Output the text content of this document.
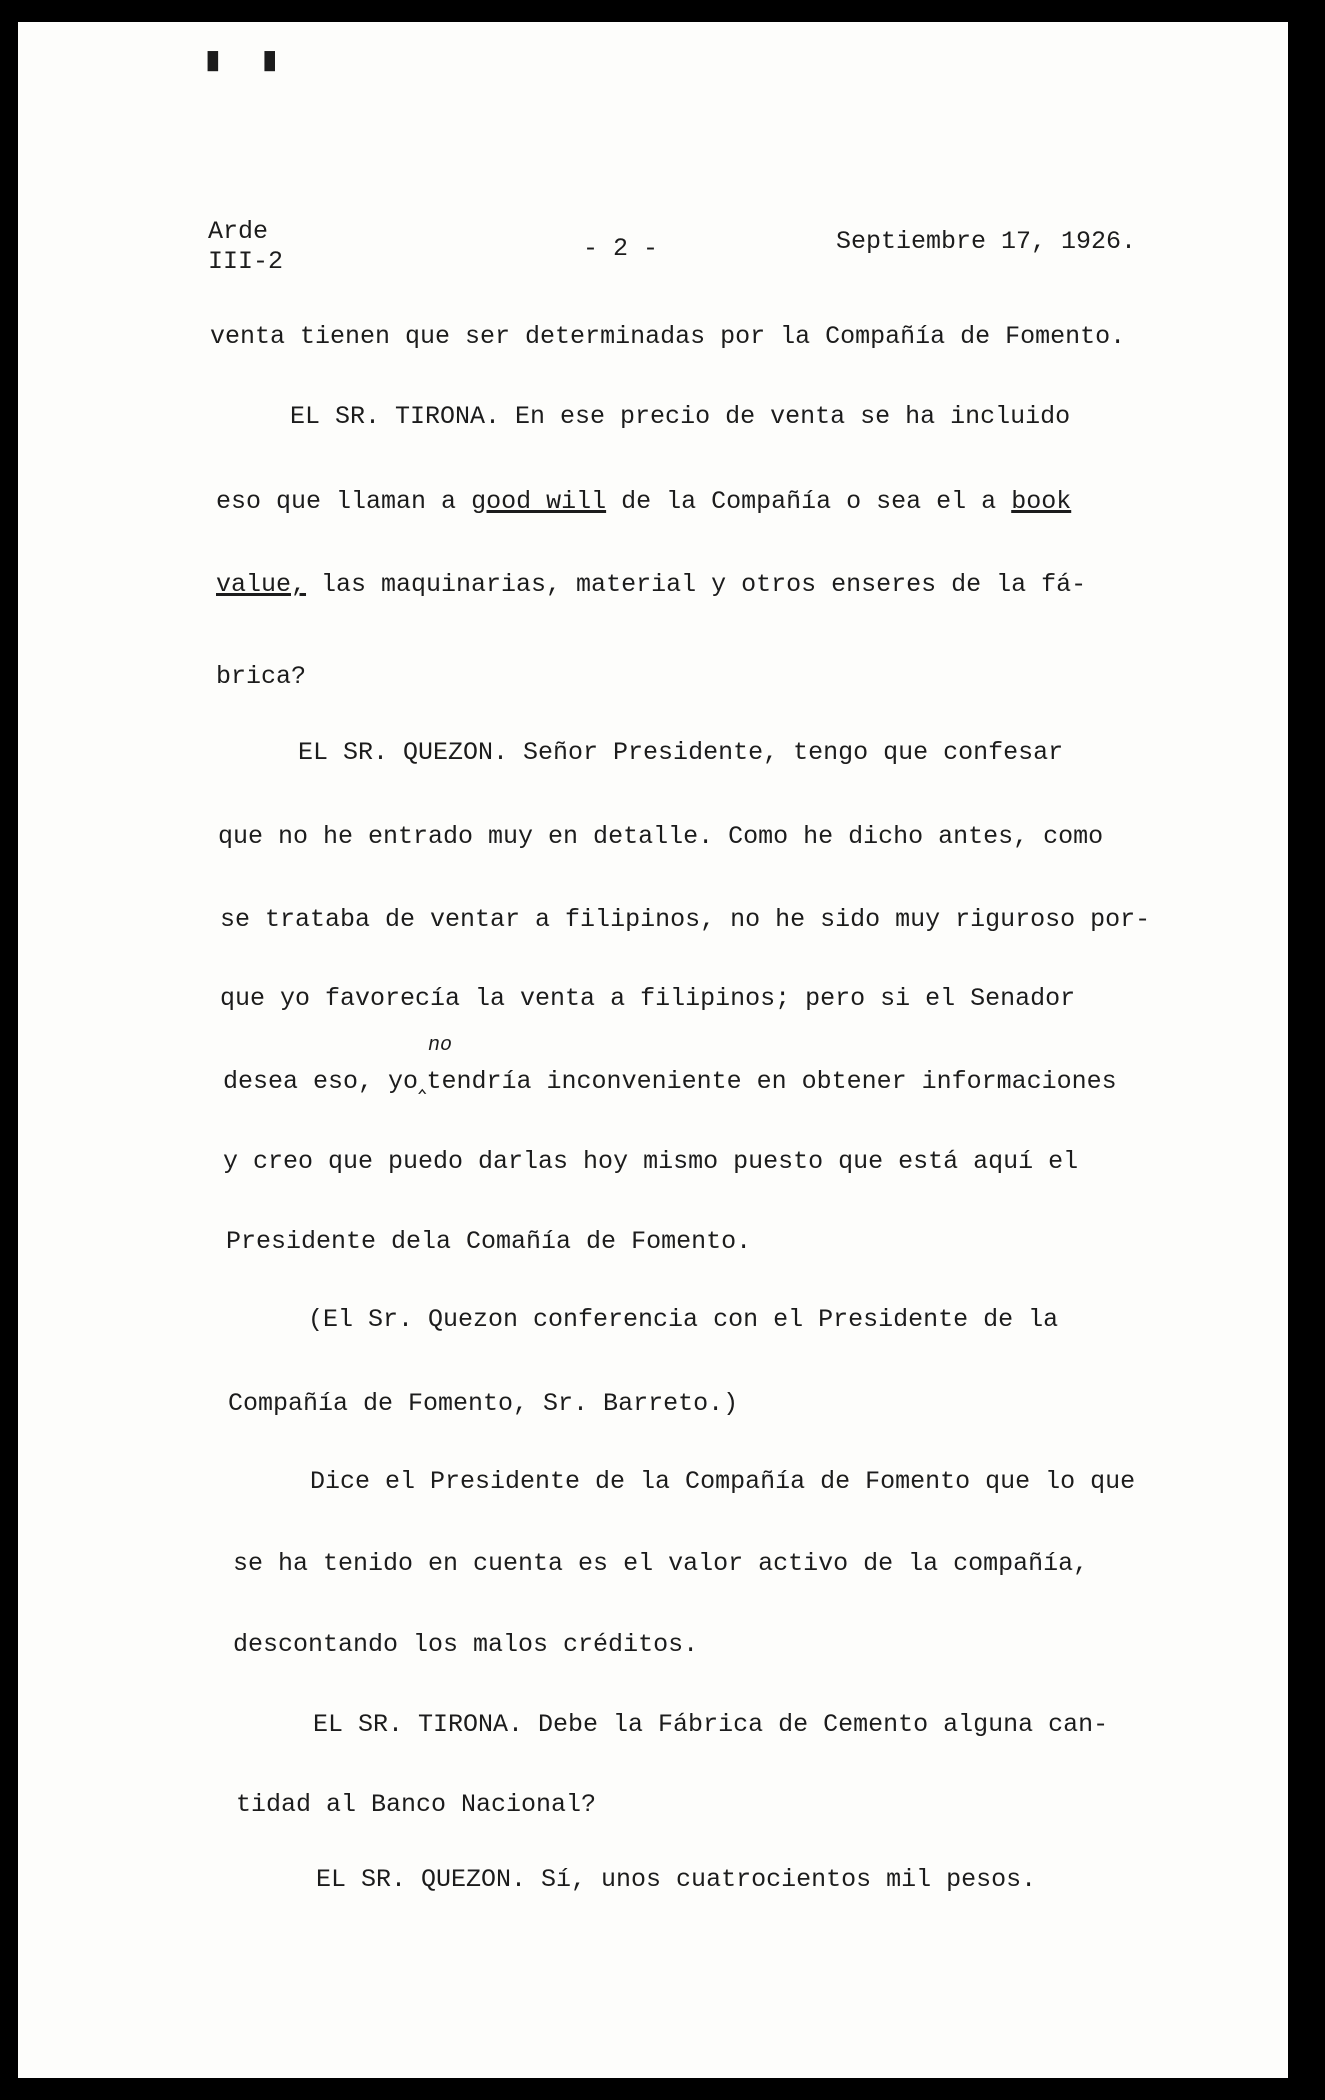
▘ ▘
Arde
III-2	- 2 -	Septiembre 17, 1926.
venta tienen que ser determinadas por la Compañía de Fomento.
EL SR. TIRONA. En ese precio de venta se ha incluido
eso que llaman a good will de la Compañía o sea el a book
value, las maquinarias, material y otros enseres de la fá-
brica?
EL SR. QUEZON. Señor Presidente, tengo que confesar
que no he entrado muy en detalle. Como he dicho antes, como
se trataba de ventar a filipinos, no he sido muy riguroso por-
que yo favorecía la venta a filipinos; pero si el Senador
no
desea eso, yo‸tendría inconveniente en obtener informaciones
y creo que puedo darlas hoy mismo puesto que está aquí el
Presidente dela Comañía de Fomento.
(El Sr. Quezon conferencia con el Presidente de la
Compañía de Fomento, Sr. Barreto.)
Dice el Presidente de la Compañía de Fomento que lo que
se ha tenido en cuenta es el valor activo de la compañía,
descontando los malos créditos.
EL SR. TIRONA. Debe la Fábrica de Cemento alguna can-
tidad al Banco Nacional?
EL SR. QUEZON. Sí, unos cuatrocientos mil pesos.
